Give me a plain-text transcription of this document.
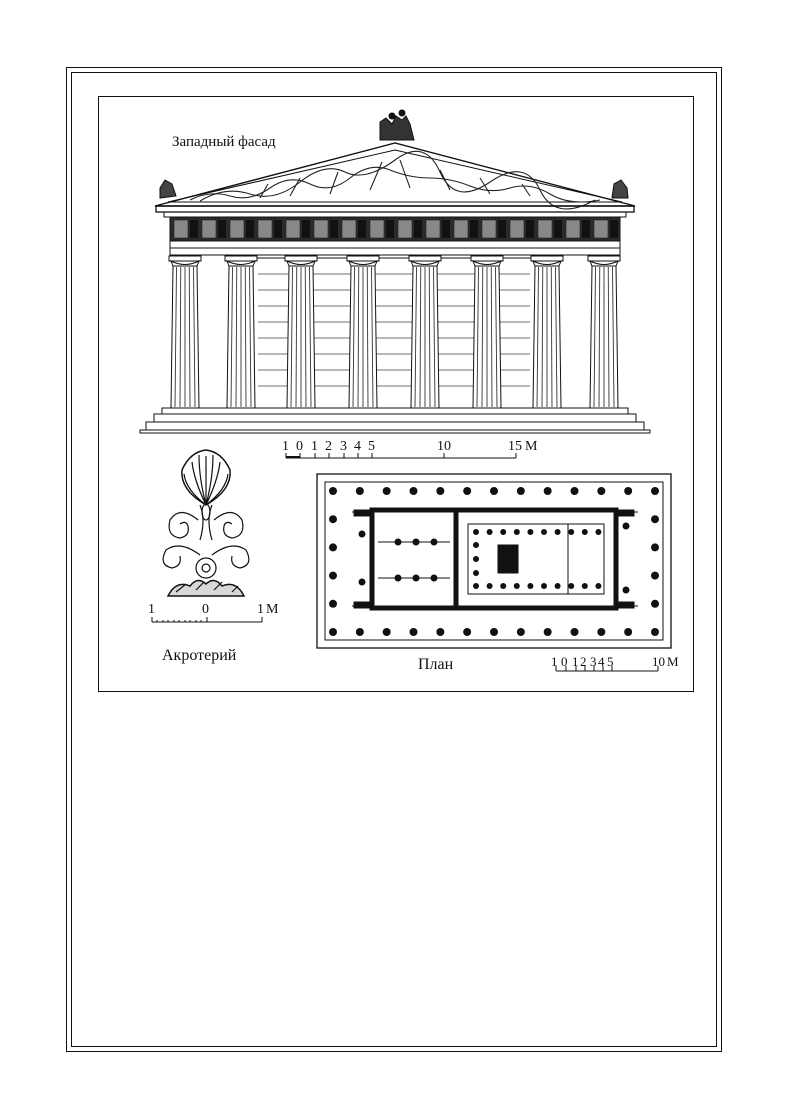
Западный фасад
1 0 1 2 3 4 5	10	15 М
1	0	1 М
Акротерий
План	1 0 1 2 3 4 5	10 М
